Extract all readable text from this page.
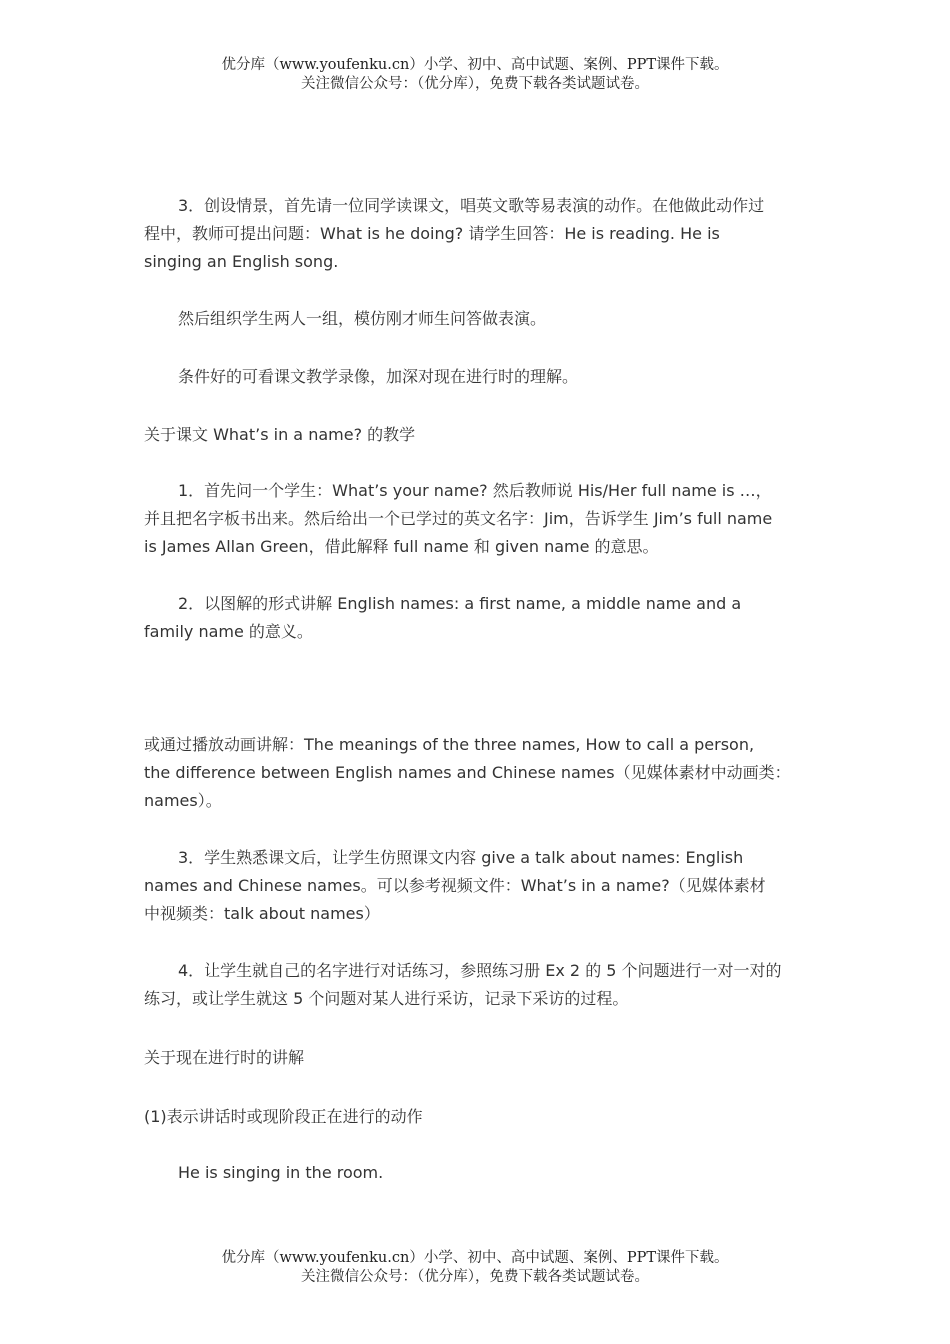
优分库（www.youfenku.cn）小学、初中、高中试题、案例、PPT课件下载。
关注微信公众号：（优分库），免费下载各类试题试卷。
3．创设情景，首先请一位同学读课文，唱英文歌等易表演的动作。在他做此动作过
程中，教师可提出问题：What is he doing? 请学生回答：He is reading. He is
singing an English song.

然后组织学生两人一组，模仿刚才师生问答做表演。

条件好的可看课文教学录像，加深对现在进行时的理解。

关于课文 What’s in a name? 的教学

1．首先问一个学生：What’s your name? 然后教师说 His/Her full name is …，
并且把名字板书出来。然后给出一个已学过的英文名字：Jim，告诉学生 Jim’s full name
is James Allan Green，借此解释 full name 和 given name 的意思。
2．以图解的形式讲解 English names: a first name, a middle name and a
family name 的意义。
或通过播放动画讲解：The meanings of the three names, How to call a person,
the difference between English names and Chinese names（见媒体素材中动画类：
names）。
3．学生熟悉课文后，让学生仿照课文内容 give a talk about names: English
names and Chinese names。可以参考视频文件：What’s in a name?（见媒体素材
中视频类：talk about names）
4．让学生就自己的名字进行对话练习，参照练习册 Ex 2 的 5 个问题进行一对一对的
练习，或让学生就这 5 个问题对某人进行采访，记录下采访的过程。

关于现在进行时的讲解

(1)表示讲话时或现阶段正在进行的动作

He is singing in the room.

优分库（www.youfenku.cn）小学、初中、高中试题、案例、PPT课件下载。
关注微信公众号：（优分库），免费下载各类试题试卷。
